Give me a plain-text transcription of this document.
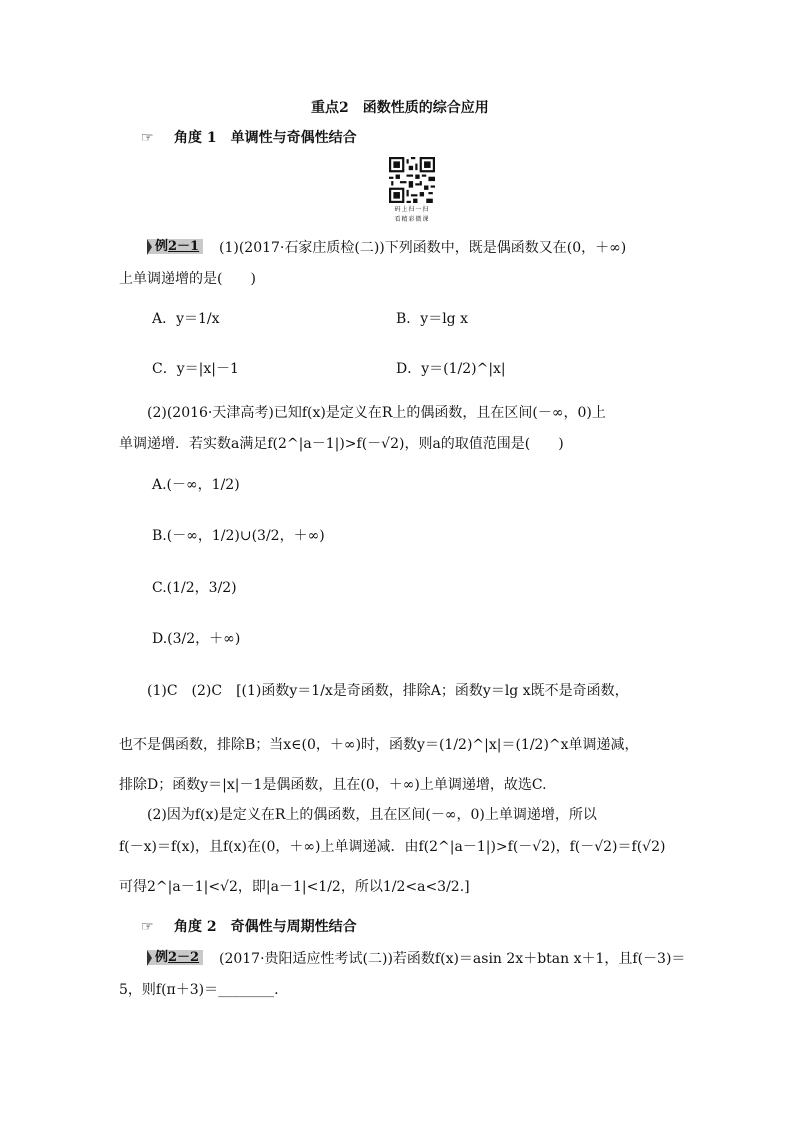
重点2　函数性质的综合应用
☞ 角度 1　单调性与奇偶性结合
码上扫一扫
看精彩微课
例2－1 (1)(2017·石家庄质检(二))下列函数中，既是偶函数又在(0，＋∞)
上单调递增的是(　　)
A．y＝1/x	B．y＝lg x
C．y＝|x|－1	D．y＝(1/2)^|x|
(2)(2016·天津高考)已知f(x)是定义在R上的偶函数，且在区间(－∞，0)上
单调递增．若实数a满足f(2^|a－1|)>f(－√2)，则a的取值范围是(　　)
A.(－∞，1/2)
B.(－∞，1/2)∪(3/2，＋∞)
C.(1/2，3/2)
D.(3/2，＋∞)
(1)C　(2)C　[(1)函数y＝1/x是奇函数，排除A；函数y＝lg x既不是奇函数，
也不是偶函数，排除B；当x∈(0，＋∞)时，函数y＝(1/2)^|x|＝(1/2)^x单调递减，
排除D；函数y＝|x|－1是偶函数，且在(0，＋∞)上单调递增，故选C.
(2)因为f(x)是定义在R上的偶函数，且在区间(－∞，0)上单调递增，所以
f(－x)＝f(x)，且f(x)在(0，＋∞)上单调递减．由f(2^|a－1|)>f(－√2)，f(－√2)＝f(√2)
可得2^|a－1|<√2，即|a－1|<1/2，所以1/2<a<3/2.]
☞ 角度 2　奇偶性与周期性结合
例2－2 (2017·贵阳适应性考试(二))若函数f(x)＝asin 2x＋btan x＋1，且f(－3)＝
5，则f(π＋3)＝________.
